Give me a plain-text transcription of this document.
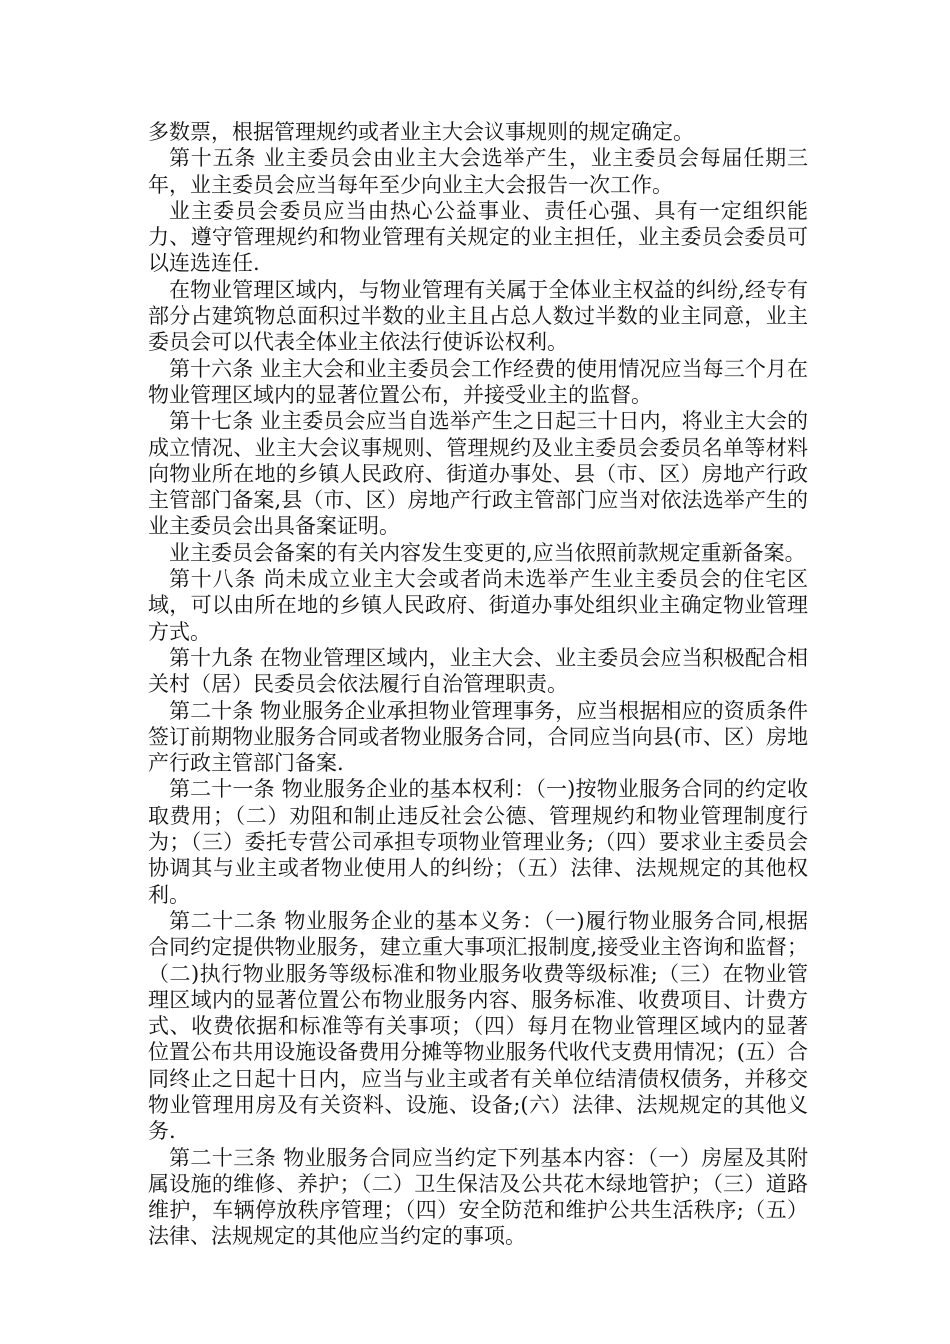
多数票，根据管理规约或者业主大会议事规则的规定确定。

第十五条 业主委员会由业主大会选举产生，业主委员会每届任期三年，业主委员会应当每年至少向业主大会报告一次工作。

业主委员会委员应当由热心公益事业、责任心强、具有一定组织能力、遵守管理规约和物业管理有关规定的业主担任，业主委员会委员可以连选连任.

在物业管理区域内，与物业管理有关属于全体业主权益的纠纷,经专有部分占建筑物总面积过半数的业主且占总人数过半数的业主同意，业主委员会可以代表全体业主依法行使诉讼权利。

第十六条 业主大会和业主委员会工作经费的使用情况应当每三个月在物业管理区域内的显著位置公布，并接受业主的监督。

第十七条 业主委员会应当自选举产生之日起三十日内，将业主大会的成立情况、业主大会议事规则、管理规约及业主委员会委员名单等材料向物业所在地的乡镇人民政府、街道办事处、县（市、区）房地产行政主管部门备案,县（市、区）房地产行政主管部门应当对依法选举产生的业主委员会出具备案证明。

业主委员会备案的有关内容发生变更的,应当依照前款规定重新备案。

第十八条 尚未成立业主大会或者尚未选举产生业主委员会的住宅区域，可以由所在地的乡镇人民政府、街道办事处组织业主确定物业管理方式。

第十九条 在物业管理区域内，业主大会、业主委员会应当积极配合相关村（居）民委员会依法履行自治管理职责。

第二十条 物业服务企业承担物业管理事务，应当根据相应的资质条件签订前期物业服务合同或者物业服务合同，合同应当向县(市、区）房地产行政主管部门备案.

第二十一条 物业服务企业的基本权利：（一)按物业服务合同的约定收取费用；（二）劝阻和制止违反社会公德、管理规约和物业管理制度行为；（三）委托专营公司承担专项物业管理业务;（四）要求业主委员会协调其与业主或者物业使用人的纠纷；（五）法律、法规规定的其他权利。

第二十二条 物业服务企业的基本义务：（一)履行物业服务合同,根据合同约定提供物业服务，建立重大事项汇报制度,接受业主咨询和监督；（二)执行物业服务等级标准和物业服务收费等级标准;（三）在物业管理区域内的显著位置公布物业服务内容、服务标准、收费项目、计费方式、收费依据和标准等有关事项；（四）每月在物业管理区域内的显著位置公布共用设施设备费用分摊等物业服务代收代支费用情况；(五）合同终止之日起十日内，应当与业主或者有关单位结清债权债务，并移交物业管理用房及有关资料、设施、设备;(六）法律、法规规定的其他义务.

第二十三条 物业服务合同应当约定下列基本内容：（一）房屋及其附属设施的维修、养护；（二）卫生保洁及公共花木绿地管护；（三）道路维护，车辆停放秩序管理；（四）安全防范和维护公共生活秩序;（五）法律、法规规定的其他应当约定的事项。
